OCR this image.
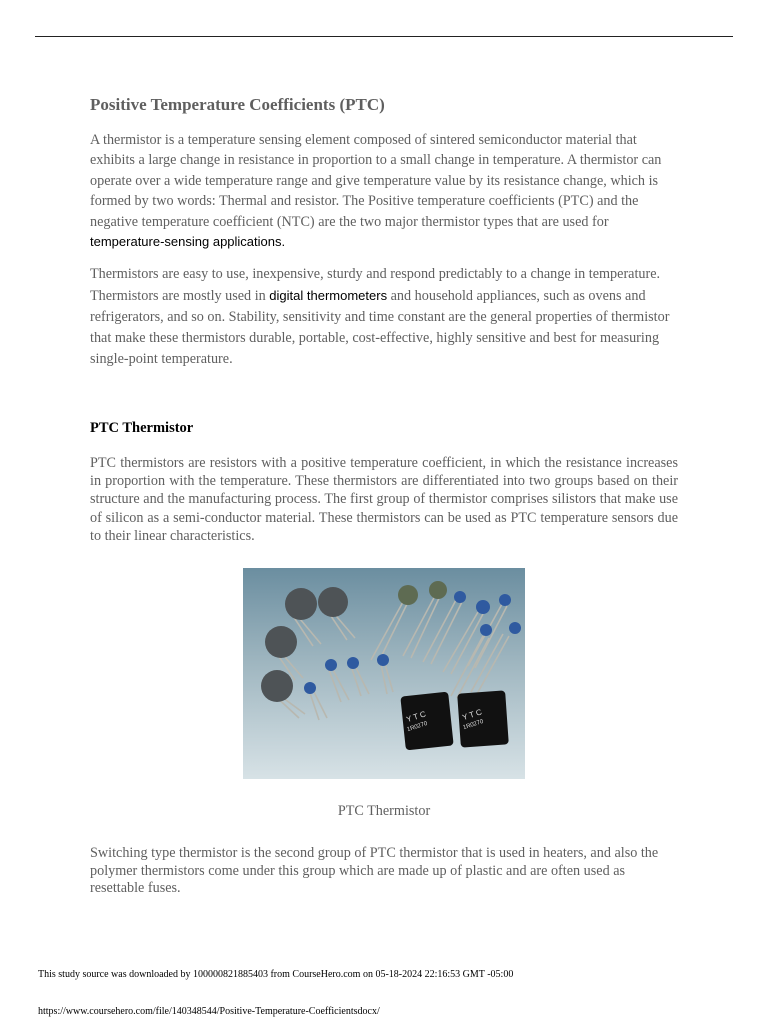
Positive Temperature Coefficients (PTC)

A thermistor is a temperature sensing element composed of sintered semiconductor material that exhibits a large change in resistance in proportion to a small change in temperature. A thermistor can operate over a wide temperature range and give temperature value by its resistance change, which is formed by two words: Thermal and resistor. The Positive temperature coefficients (PTC) and the negative temperature coefficient (NTC) are the two major thermistor types that are used for temperature-sensing applications.

Thermistors are easy to use, inexpensive, sturdy and respond predictably to a change in temperature. Thermistors are mostly used in digital thermometers and household appliances, such as ovens and refrigerators, and so on. Stability, sensitivity and time constant are the general properties of thermistor that make these thermistors durable, portable, cost-effective, highly sensitive and best for measuring single-point temperature.

PTC Thermistor

PTC thermistors are resistors with a positive temperature coefficient, in which the resistance increases in proportion with the temperature. These thermistors are differentiated into two groups based on their structure and the manufacturing process. The first group of thermistor comprises silistors that make use of silicon as a semi-conductor material. These thermistors can be used as PTC temperature sensors due to their linear characteristics.

Y T C
1R0270
Y T C
1R0270
PTC Thermistor

Switching type thermistor is the second group of PTC thermistor that is used in heaters, and also the polymer thermistors come under this group which are made up of plastic and are often used as resettable fuses.

This study source was downloaded by 100000821885403 from CourseHero.com on 05-18-2024 22:16:53 GMT -05:00
https://www.coursehero.com/file/140348544/Positive-Temperature-Coefficientsdocx/
